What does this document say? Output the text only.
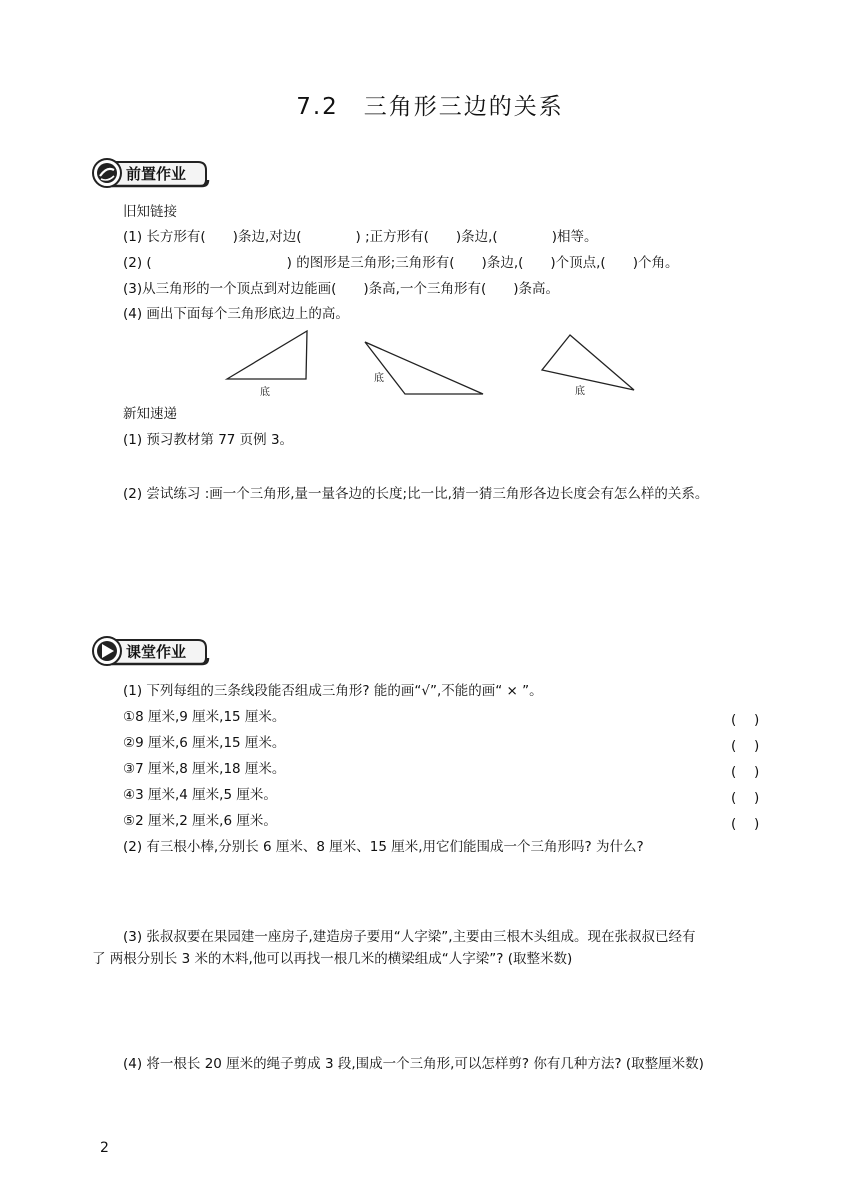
7.2　三角形三边的关系
前置作业
旧知链接
(1) 长方形有(　　)条边,对边(　　　　) ;正方形有(　　)条边,(　　　　)相等。
(2) (　　　　　　　　　　) 的图形是三角形;三角形有(　　)条边,(　　)个顶点,(　　)个角。
(3)从三角形的一个顶点到对边能画(　　)条高,一个三角形有(　　)条高。
(4) 画出下面每个三角形底边上的高。
底
底
底
新知速递
(1) 预习教材第 77 页例 3。
(2) 尝试练习 :画一个三角形,量一量各边的长度;比一比,猜一猜三角形各边长度会有怎么样的关系。
课堂作业
(1) 下列每组的三条线段能否组成三角形? 能的画“√”,不能的画“ × ”。
①8 厘米,9 厘米,15 厘米。	(　 )
②9 厘米,6 厘米,15 厘米。	(　 )
③7 厘米,8 厘米,18 厘米。	(　 )
④3 厘米,4 厘米,5 厘米。	(　 )
⑤2 厘米,2 厘米,6 厘米。	(　 )
(2) 有三根小棒,分别长 6 厘米、8 厘米、15 厘米,用它们能围成一个三角形吗? 为什么?
(3) 张叔叔要在果园建一座房子,建造房子要用“人字梁”,主要由三根木头组成。现在张叔叔已经有
了 两根分别长 3 米的木料,他可以再找一根几米的横梁组成“人字梁”? (取整米数)
(4) 将一根长 20 厘米的绳子剪成 3 段,围成一个三角形,可以怎样剪? 你有几种方法? (取整厘米数)
2
